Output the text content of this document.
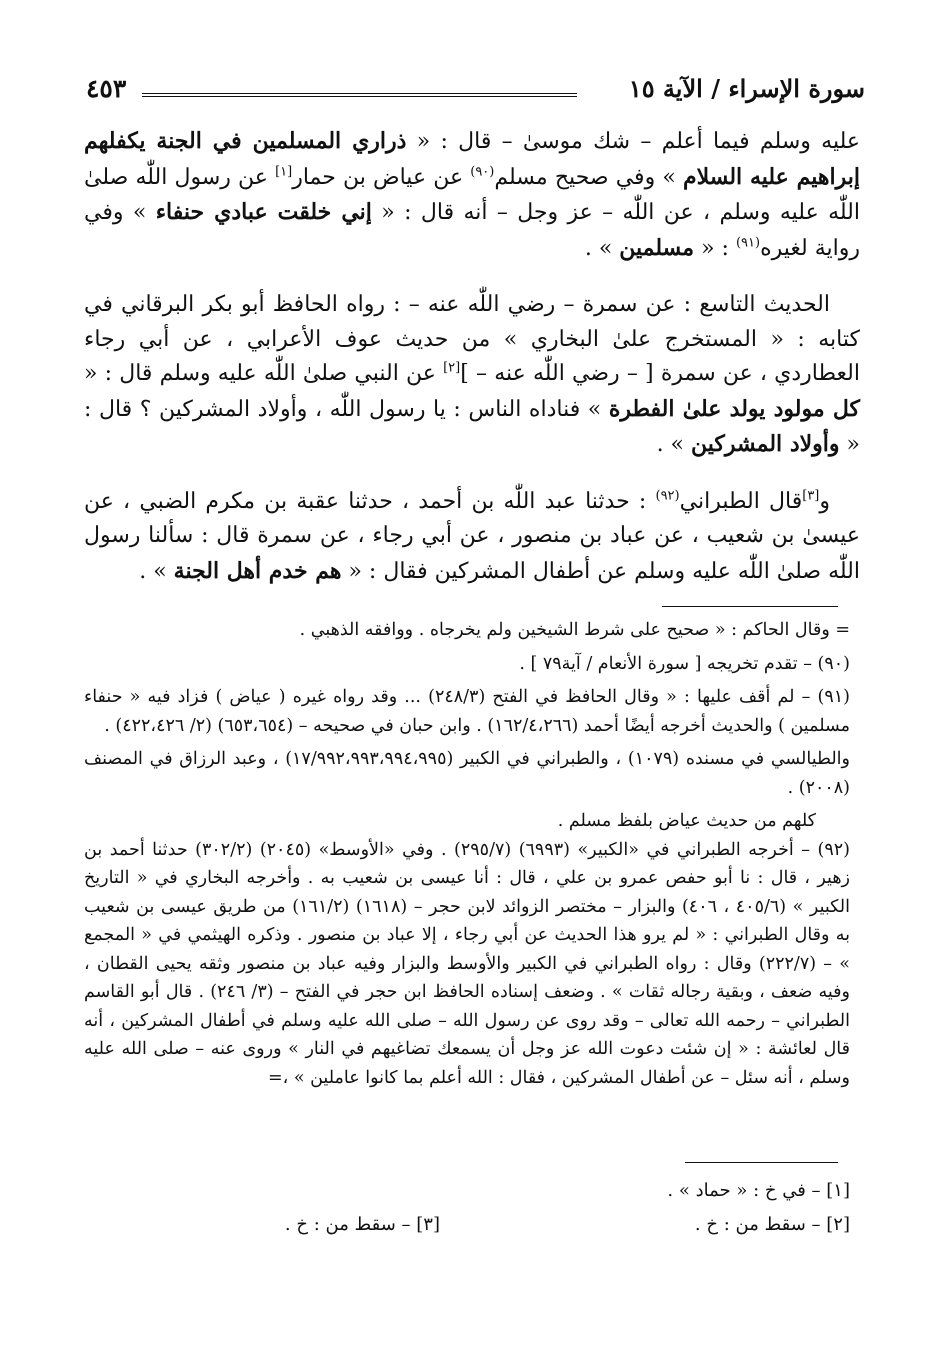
سورة الإسراء / الآية ١٥
٤٥٣

عليه وسلم فيما أعلم – شك موسىٰ – قال : « ذراري المسلمين في الجنة يكفلهم إبراهيم عليه السلام » وفي صحيح مسلم$^{(٩٠)}$ عن عياض بن حمار[١] عن رسول اللّٰه صلىٰ اللّٰه عليه وسلم ، عن اللّٰه – عز وجل – أنه قال : « إني خلقت عبادي حنفاء » وفي رواية لغيره$^{(٩١)}$ : « مسلمين » .

الحديث التاسع : عن سمرة – رضي اللّٰه عنه – : رواه الحافظ أبو بكر البرقاني في كتابه : « المستخرج علىٰ البخاري » من حديث عوف الأعرابي ، عن أبي رجاء العطاردي ، عن سمرة [ – رضي اللّٰه عنه – ][٢] عن النبي صلىٰ اللّٰه عليه وسلم قال : « كل مولود يولد علىٰ الفطرة » فناداه الناس : يا رسول اللّٰه ، وأولاد المشركين ؟ قال : « وأولاد المشركين » .

و[٣]قال الطبراني$^{(٩٢)}$ : حدثنا عبد اللّٰه بن أحمد ، حدثنا عقبة بن مكرم الضبي ، عن عيسىٰ بن شعيب ، عن عباد بن منصور ، عن أبي رجاء ، عن سمرة قال : سألنا رسول اللّٰه صلىٰ اللّٰه عليه وسلم عن أطفال المشركين فقال : « هم خدم أهل الجنة » .

= وقال الحاكم : « صحيح على شرط الشيخين ولم يخرجاه . ووافقه الذهبي .

(٩٠) – تقدم تخريجه [ سورة الأنعام / آية٧٩ ] .

(٩١) – لم أقف عليها : « وقال الحافظ في الفتح (٢٤٨/٣) ... وقد رواه غيره ( عياض ) فزاد فيه « حنفاء مسلمين ) والحديث أخرجه أيضًا أحمد (١٦٢/٤،٢٦٦) . وابن حبان في صحيحه – (٦٥٣،٦٥٤) (٢/ ٤٢٢،٤٢٦) .

والطيالسي في مسنده (١٠٧٩) ، والطبراني في الكبير (١٧/٩٩٢،٩٩٣،٩٩٤،٩٩٥) ، وعبد الرزاق في المصنف (٢٠٠٨) .

كلهم من حديث عياض بلفظ مسلم .

(٩٢) – أخرجه الطبراني في «الكبير» (٦٩٩٣) (٢٩٥/٧) . وفي «الأوسط» (٢٠٤٥) (٣٠٢/٢) حدثنا أحمد بن زهير ، قال : نا أبو حفص عمرو بن علي ، قال : أنا عيسى بن شعيب به . وأخرجه البخاري في « التاريخ الكبير » (٤٠٥/٦ ، ٤٠٦) والبزار – مختصر الزوائد لابن حجر – (١٦١٨) (١٦١/٢) من طريق عيسى بن شعيب به وقال الطبراني : « لم يرو هذا الحديث عن أبي رجاء ، إلا عباد بن منصور . وذكره الهيثمي في « المجمع » – (٢٢٢/٧) وقال : رواه الطبراني في الكبير والأوسط والبزار وفيه عباد بن منصور وثقه يحيى القطان ، وفيه ضعف ، وبقية رجاله ثقات » . وضعف إسناده الحافظ ابن حجر في الفتح – (٣/ ٢٤٦) . قال أبو القاسم الطبراني – رحمه الله تعالى – وقد روى عن رسول الله – صلى الله عليه وسلم في أطفال المشركين ، أنه قال لعائشة : « إن شئت دعوت الله عز وجل أن يسمعك تضاغيهم في النار » وروى عنه – صلى الله عليه وسلم ، أنه سئل – عن أطفال المشركين ، فقال : الله أعلم بما كانوا عاملين » ،=

[١] – في خ : « حماد » .
[٢] – سقط من : خ .
[٣] – سقط من : خ .
